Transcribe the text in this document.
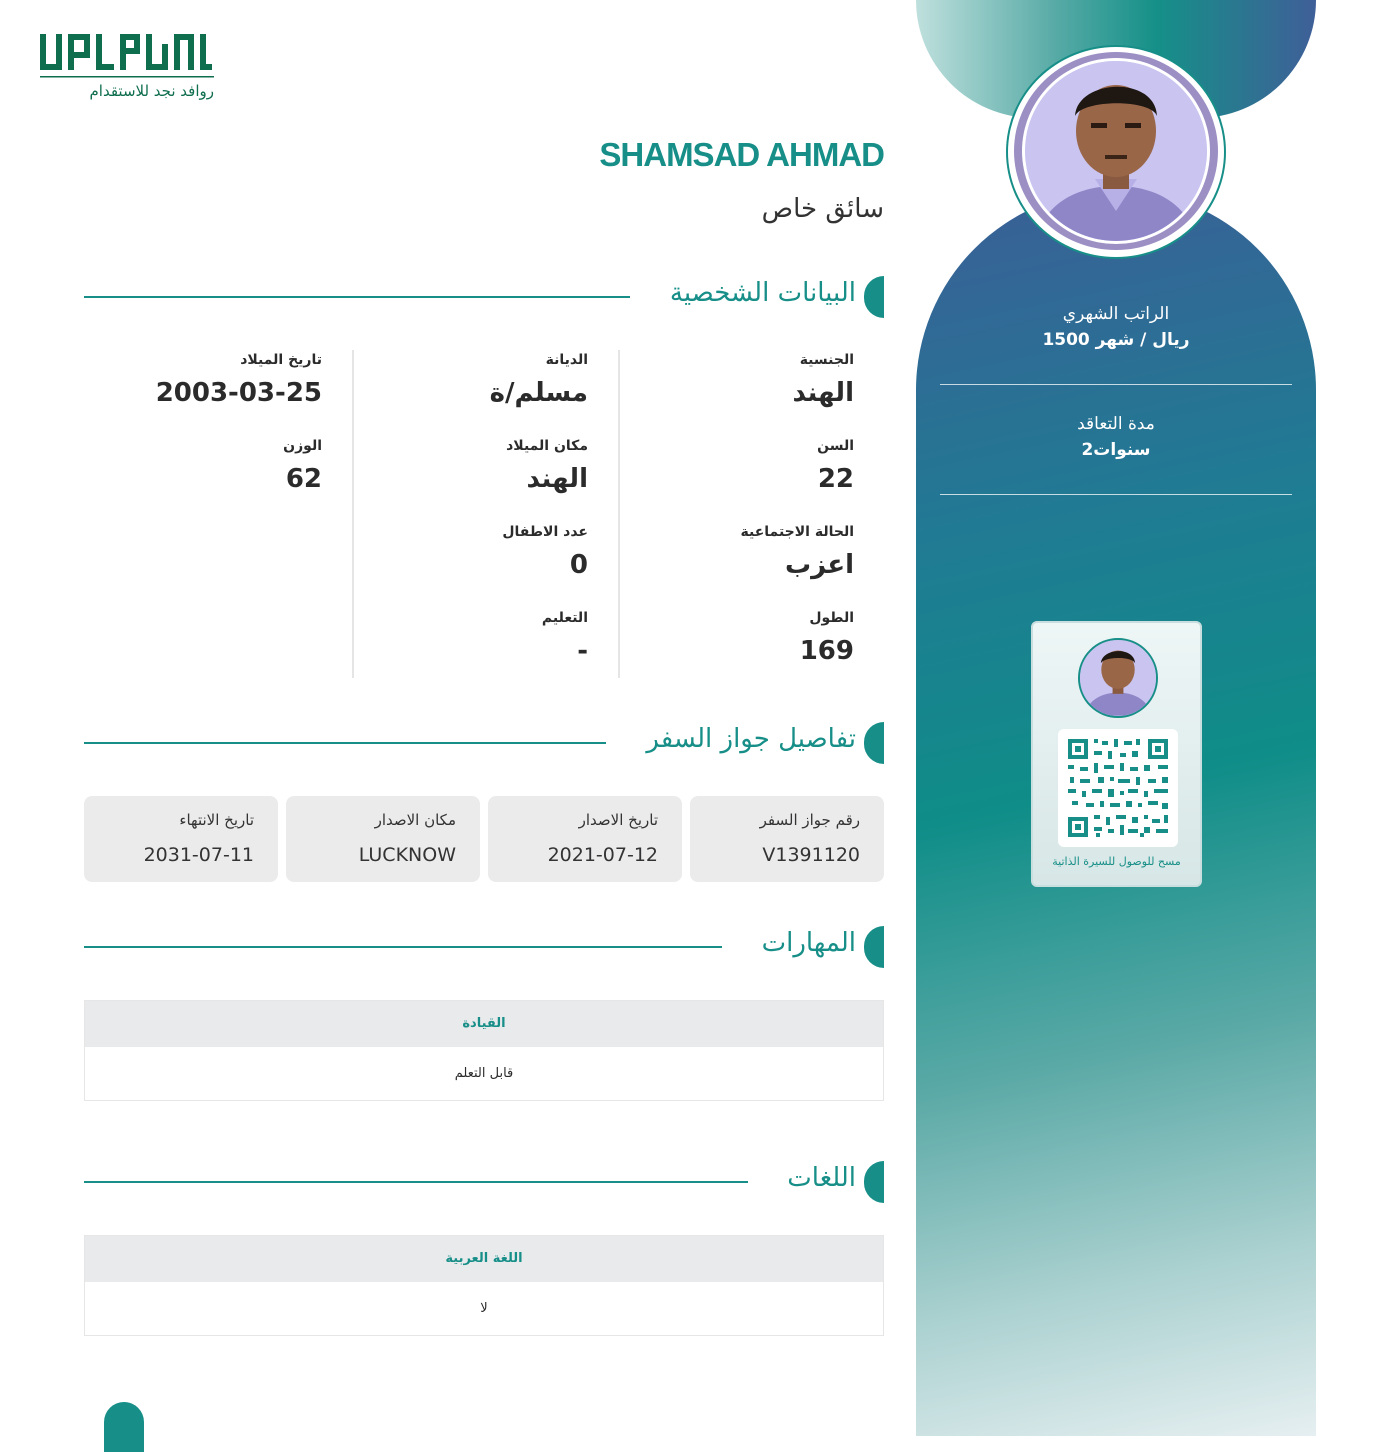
الراتب الشهري
1500 ريال / شهر
مدة التعاقد
2سنوات
مسح للوصول للسيرة الذاتية
روافد نجد للاستقدام
SHAMSAD AHMAD
سائق خاص
البيانات الشخصية
الجنسية
الهند
السن
22
الحالة الاجتماعية
اعزب
الطول
169
الديانة
مسلم/ة
مكان الميلاد
الهند
عدد الاطفال
0
التعليم
-
تاريخ الميلاد
2003-03-25
الوزن
62
تفاصيل جواز السفر
رقم جواز السفر
V1391120
تاريخ الاصدار
2021-07-12
مكان الاصدار
LUCKNOW
تاريخ الانتهاء
2031-07-11
المهارات
القيادة
قابل التعلم
اللغات
اللغة العربية
لا
